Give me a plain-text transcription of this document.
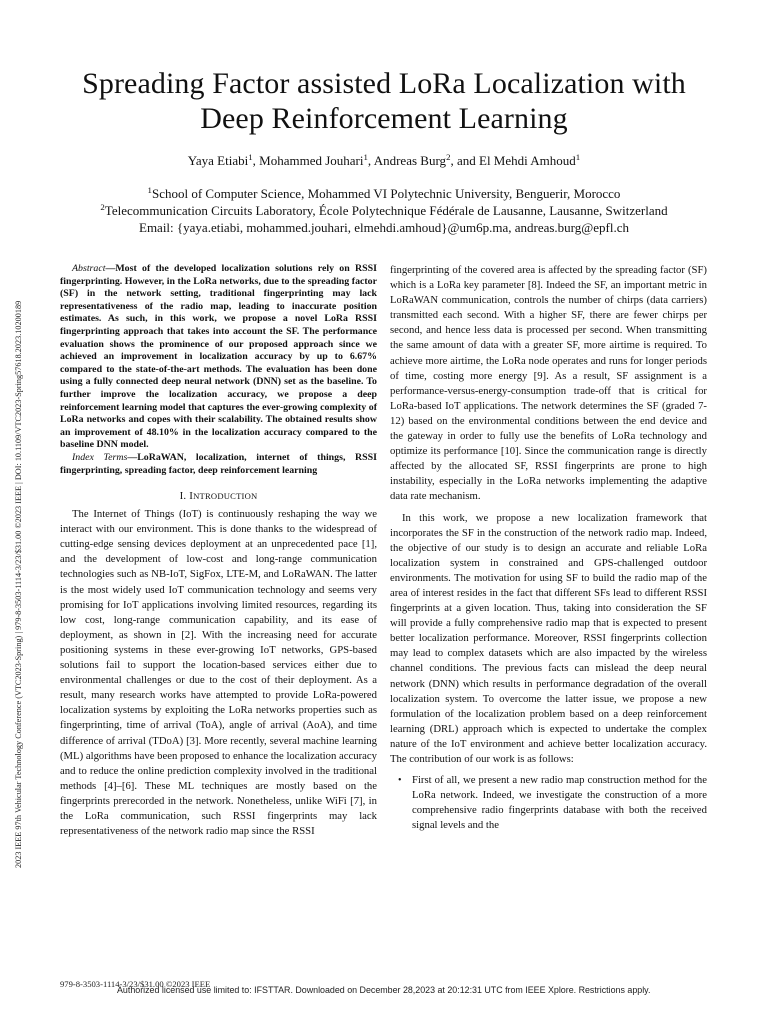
2023 IEEE 97th Vehicular Technology Conference (VTC2023-Spring) | 979-8-3503-1114-3/23/$31.00 ©2023 IEEE | DOI: 10.1109/VTC2023-Spring57618.2023.10200189
Spreading Factor assisted LoRa Localization with
Deep Reinforcement Learning
Yaya Etiabi$^1$, Mohammed Jouhari$^1$, Andreas Burg$^2$, and El Mehdi Amhoud$^1$
$^1$School of Computer Science, Mohammed VI Polytechnic University, Benguerir, Morocco
$^2$Telecommunication Circuits Laboratory, École Polytechnique Fédérale de Lausanne, Lausanne, Switzerland
Email: {yaya.etiabi, mohammed.jouhari, elmehdi.amhoud}@um6p.ma, andreas.burg@epfl.ch

Abstract—Most of the developed localization solutions rely on RSSI fingerprinting. However, in the LoRa networks, due to the spreading factor (SF) in the network setting, traditional fingerprinting may lack representativeness of the radio map, leading to inaccurate position estimates. As such, in this work, we propose a novel LoRa RSSI fingerprinting approach that takes into account the SF. The performance evaluation shows the prominence of our proposed approach since we achieved an improvement in localization accuracy by up to 6.67% compared to the state-of-the-art methods. The evaluation has been done using a fully connected deep neural network (DNN) set as the baseline. To further improve the localization accuracy, we propose a deep reinforcement learning model that captures the ever-growing complexity of LoRa networks and copes with their scalability. The obtained results show an improvement of 48.10% in the localization accuracy compared to the baseline DNN model.

Index Terms—LoRaWAN, localization, internet of things, RSSI fingerprinting, spreading factor, deep reinforcement learning

I. INTRODUCTION

The Internet of Things (IoT) is continuously reshaping the way we interact with our environment. This is done thanks to the widespread of cutting-edge sensing devices deployment at an unprecedented pace [1], and the development of low-cost and long-range communication technologies such as NB-IoT, SigFox, LTE-M, and LoRaWAN. The latter is the most widely used IoT communication technology and seems very promising for IoT applications involving limited resources, regarding its low cost, long-range communication capability, and its ease of deployment, as shown in [2]. With the increasing need for accurate positioning systems in these ever-growing IoT networks, GPS-based solutions fail to support the location-based services either due to environmental challenges or due to the cost of their deployment. As a result, many research works have attempted to provide LoRa-powered localization systems by exploiting the LoRa networks properties such as fingerprinting, time of arrival (ToA), angle of arrival (AoA), and time difference of arrival (TDoA) [3]. More recently, several machine learning (ML) algorithms have been proposed to enhance the localization accuracy and to reduce the online prediction complexity involved in the traditional methods [4]–[6]. These ML techniques are mostly based on the fingerprints prerecorded in the network. Nonetheless, unlike WiFi [7], in the LoRa communication, such RSSI fingerprints may lack representativeness of the network radio map since the RSSI

fingerprinting of the covered area is affected by the spreading factor (SF) which is a LoRa key parameter [8]. Indeed the SF, an important metric in LoRaWAN communication, controls the number of chirps (data carriers) transmitted each second. With a higher SF, there are fewer chirps per second, and hence less data is processed per second. When transmitting the same amount of data with a greater SF, more airtime is required. To achieve more airtime, the LoRa node operates and runs for longer periods of time, costing more energy [9]. As a result, SF assignment is a performance-versus-energy-consumption trade-off that is critical for LoRa-based IoT applications. The network determines the SF (graded 7-12) based on the environmental conditions between the end device and the gateway in order to fully use the benefits of LoRa technology and optimize its performance [10]. Since the communication range is directly affected by the allocated SF, RSSI fingerprints are prone to high instability, especially in the LoRa networks implementing the adaptive data rate mechanism.

In this work, we propose a new localization framework that incorporates the SF in the construction of the network radio map. Indeed, the objective of our study is to design an accurate and reliable LoRa localization system in constrained and GPS-challenged outdoor environments. The motivation for using SF to build the radio map of the area of interest resides in the fact that different SFs lead to different RSSI fingerprints at a given location. Thus, taking into consideration the SF will provide a fully comprehensive radio map that is expected to present better localization performance. Moreover, RSSI fingerprints collection may lead to complex datasets which are also impacted by the wireless channel conditions. The previous facts can mislead the deep neural network (DNN) which results in performance degradation of the overall localization system. To overcome the latter issue, we propose a new formulation of the localization problem based on a deep reinforcement learning (DRL) approach which is expected to undertake the complex nature of the IoT environment and achieve better localization accuracy. The contribution of our work is as follows:

• First of all, we present a new radio map construction method for the LoRa network. Indeed, we investigate the construction of a more comprehensive radio fingerprints database with both the received signal levels and the
979-8-3503-1114-3/23/$31.00 ©2023 IEEE
Authorized licensed use limited to: IFSTTAR. Downloaded on December 28,2023 at 20:12:31 UTC from IEEE Xplore. Restrictions apply.
